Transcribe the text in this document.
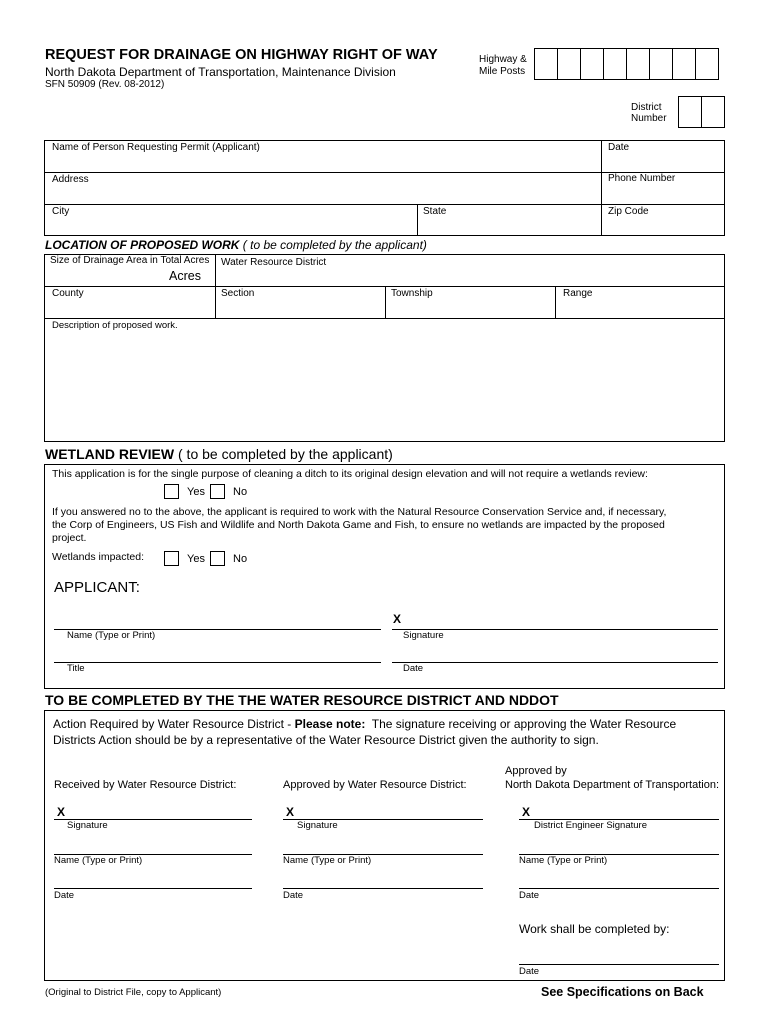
REQUEST FOR DRAINAGE ON HIGHWAY RIGHT OF WAY
North Dakota Department of Transportation, Maintenance Division
SFN 50909 (Rev. 08-2012)
Highway &
Mile Posts
District
Number
Name of Person Requesting Permit (Applicant)	Date
Address	Phone Number
City	State	Zip Code
LOCATION OF PROPOSED WORK ( to be completed by the applicant)
Size of Drainage Area in Total Acres
Acres
Water Resource District
County	Section	Township	Range
Description of proposed work.
WETLAND REVIEW ( to be completed by the applicant)
This application is for the single purpose of cleaning a ditch to its original design elevation and will not require a wetlands review:
Yes	No
If you answered no to the above, the applicant is required to work with the Natural Resource Conservation Service and, if necessary,
the Corp of Engineers, US Fish and Wildlife and North Dakota Game and Fish, to ensure no wetlands are impacted by the proposed
project.
Wetlands impacted:	Yes	No
APPLICANT:
X
Name (Type or Print)	Signature
Title	Date
TO BE COMPLETED BY THE THE WATER RESOURCE DISTRICT AND NDDOT
Action Required by Water Resource District - Please note:  The signature receiving or approving the Water Resource
Districts Action should be by a representative of the Water Resource District given the authority to sign.
Received by Water Resource District:	Approved by Water Resource District:
Approved by
North Dakota Department of Transportation:
X	X	X
Signature	Signature	District Engineer Signature
Name (Type or Print)	Name (Type or Print)	Name (Type or Print)
Date	Date	Date
Work shall be completed by:
Date
(Original to District File, copy to Applicant)	See Specifications on Back
